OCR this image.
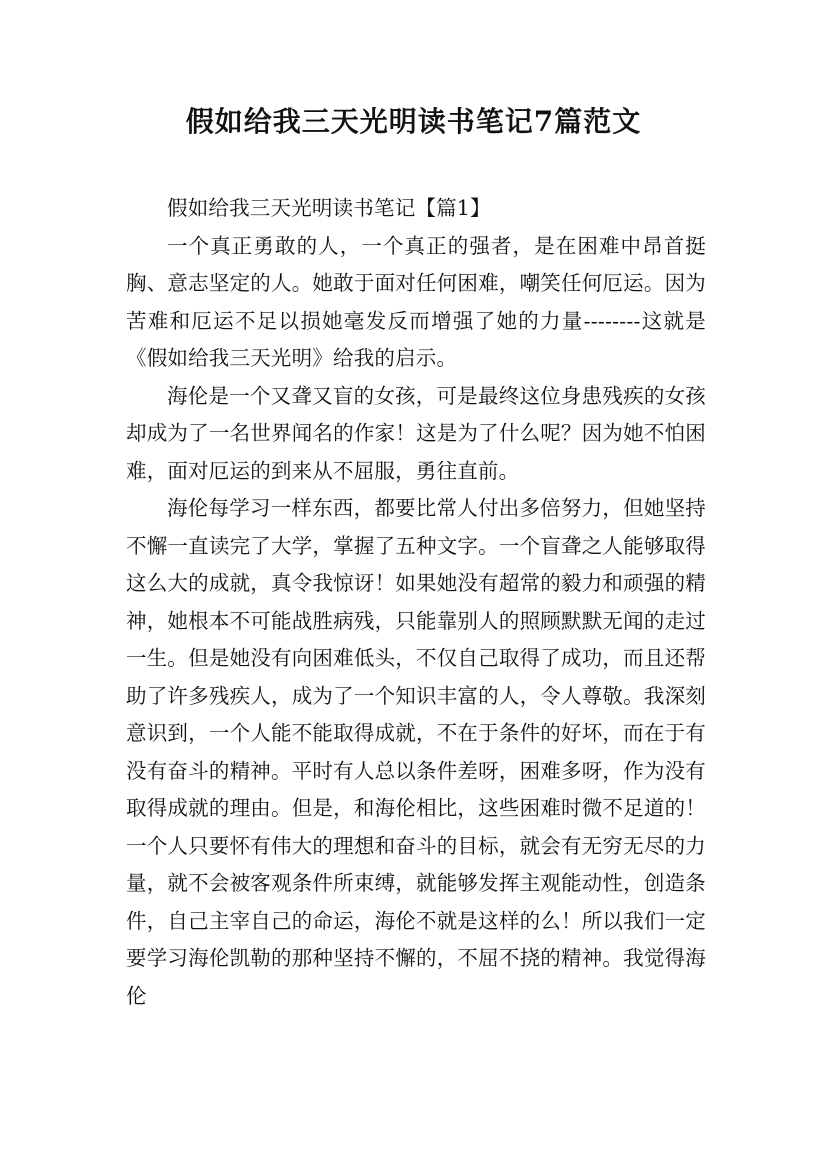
假如给我三天光明读书笔记7篇范文

假如给我三天光明读书笔记【篇1】

一个真正勇敢的人，一个真正的强者，是在困难中昂首挺胸、意志坚定的人。她敢于面对任何困难，嘲笑任何厄运。因为苦难和厄运不足以损她毫发反而增强了她的力量--------这就是《假如给我三天光明》给我的启示。

海伦是一个又聋又盲的女孩，可是最终这位身患残疾的女孩却成为了一名世界闻名的作家！这是为了什么呢？因为她不怕困难，面对厄运的到来从不屈服，勇往直前。

海伦每学习一样东西，都要比常人付出多倍努力，但她坚持不懈一直读完了大学，掌握了五种文字。一个盲聋之人能够取得这么大的成就，真令我惊讶！如果她没有超常的毅力和顽强的精神，她根本不可能战胜病残，只能靠别人的照顾默默无闻的走过一生。但是她没有向困难低头，不仅自己取得了成功，而且还帮助了许多残疾人，成为了一个知识丰富的人，令人尊敬。我深刻意识到，一个人能不能取得成就，不在于条件的好坏，而在于有没有奋斗的精神。平时有人总以条件差呀，困难多呀，作为没有取得成就的理由。但是，和海伦相比，这些困难时微不足道的！一个人只要怀有伟大的理想和奋斗的目标，就会有无穷无尽的力量，就不会被客观条件所束缚，就能够发挥主观能动性，创造条件，自己主宰自己的命运，海伦不就是这样的么！所以我们一定要学习海伦凯勒的那种坚持不懈的，不屈不挠的精神。我觉得海伦
